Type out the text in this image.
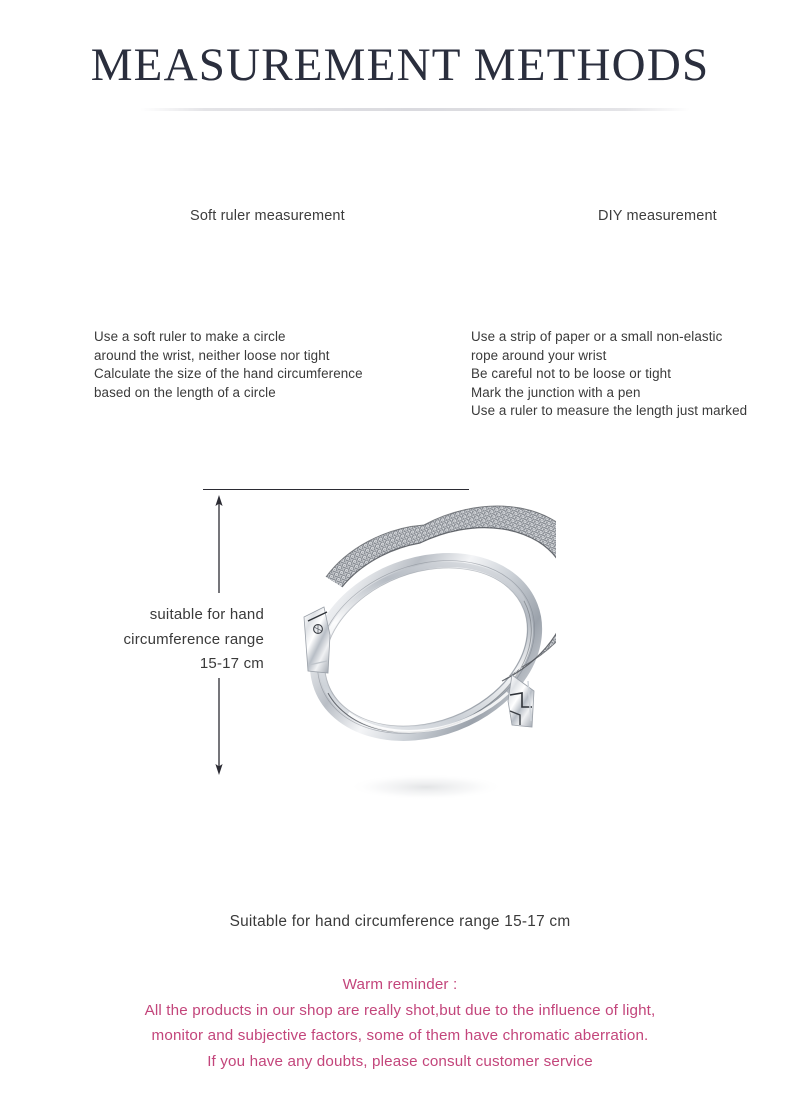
MEASUREMENT METHODS
Soft ruler measurement	DIY measurement

Use a soft ruler to make a circle

around the wrist, neither loose nor tight

Calculate the size of the hand circumference

based on the length of a circle

Use a strip of paper or a small non-elastic

rope around your wrist

Be careful not to be loose or tight

Mark the junction with a pen

Use a ruler to measure the length just marked

suitable for hand

circumference range

15-17 cm

Suitable for hand circumference range 15-17 cm

Warm reminder :

All the products in our shop are really shot,but due to the influence of light,

monitor and subjective factors, some of them have chromatic aberration.

If you have any doubts, please consult customer service
